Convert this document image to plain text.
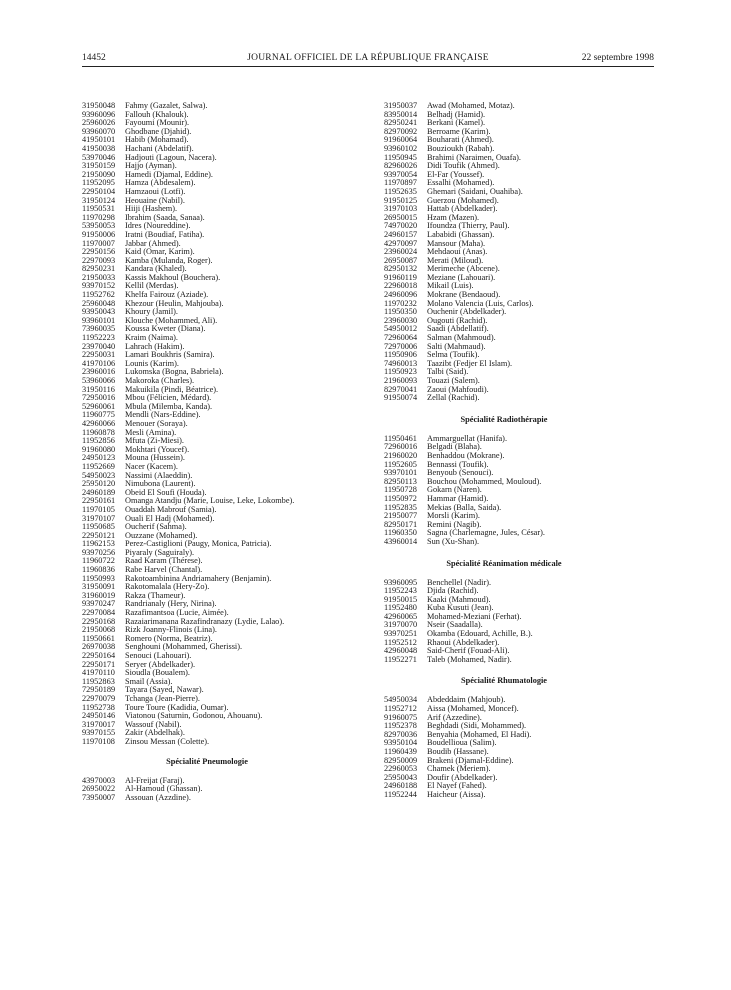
14452	JOURNAL OFFICIEL DE LA RÉPUBLIQUE FRANÇAISE	22 septembre 1998
31950048 Fahmy (Gazalet, Salwa).
93960096 Fallouh (Khalouk).
25960026 Fayoumi (Mounir).
93960070 Ghodbane (Djahid).
41950101 Habib (Mohamad).
41950038 Hachani (Abdelatif).
53970046 Hadjouti (Lagoun, Nacera).
31950159 Hajjo (Ayman).
21950090 Hamedi (Djamal, Eddine).
11952095 Hamza (Abdesalem).
22950104 Hamzaoui (Lotfi).
31950124 Heouaine (Nabil).
11950531 Hiiji (Hashem).
11970298 Ibrahim (Saada, Sanaa).
53950053 Idres (Noureddine).
91950006 Iratni (Boudiaf, Fatiha).
11970007 Jabbar (Ahmed).
22950156 Kaid (Omar, Karim).
22970093 Kamba (Mulanda, Roger).
82950231 Kandara (Khaled).
21950033 Kassis Makhoul (Bouchera).
93970152 Kellil (Merdas).
11952762 Khelfa Fairouz (Aziade).
25960048 Khezour (Heulin, Mahjouba).
93950043 Khoury (Jamil).
93960101 Klouche (Mohammed, Ali).
73960035 Koussa Kweter (Diana).
11952223 Kraim (Naima).
23970040 Lahrach (Hakim).
22950031 Lamari Boukhris (Samira).
41970106 Lounis (Karim).
23960016 Lukomska (Bogna, Babriela).
53960066 Makoroka (Charles).
31950116 Makuikila (Pindi, Béatrice).
72950016 Mbou (Félicien, Médard).
52960061 Mbula (Milemba, Kanda).
11960775 Mendli (Nars-Eddine).
42960066 Menouer (Soraya).
11960878 Mesli (Amina).
11952856 Mfuta (Zi-Miesi).
91960080 Mokhtari (Youcef).
24950123 Mouna (Hussein).
11952669 Nacer (Kacem).
54950023 Nassimi (Alaeddin).
25950120 Nimubona (Laurent).
24960189 Obeid El Soufi (Houda).
22950161 Omanga Atandju (Marie, Louise, Leke, Lokombe).
11970105 Ouaddah Mabrouf (Samia).
31970107 Ouali El Hadj (Mohamed).
11950685 Oucherif (Sahma).
22950121 Ouzzane (Mohamed).
11962153 Perez-Castiglioni (Paugy, Monica, Patricia).
93970256 Piyaraly (Saguiraly).
11960722 Raad Karam (Thérese).
11960836 Rabe Harvel (Chantal).
11950993 Rakotoambinina Andriamahery (Benjamin).
31950091 Rakotomalala (Hery-Zo).
31960019 Rakza (Thameur).
93970247 Randrianaly (Hery, Nirina).
22970084 Razafimantsoa (Lucie, Aimée).
22950168 Razaiarimanana Razafindranazy (Lydie, Lalao).
21950068 Rizk Joanny-Flinois (Lina).
11950661 Romero (Norma, Beatriz).
26970038 Senghouni (Mohammed, Gherissi).
22950164 Senouci (Lahouari).
22950171 Seryer (Abdelkader).
41970110 Sioudla (Boualem).
11952863 Smail (Assia).
72950189 Tayara (Sayed, Nawar).
22970079 Tchanga (Jean-Pierre).
11952738 Toure Toure (Kadidia, Oumar).
24950146 Viatonou (Saturnin, Godonou, Ahouanu).
31970017 Wassouf (Nabil).
93970155 Zakir (Abdelhak).
11970108 Zinsou Messan (Colette).
Spécialité Pneumologie
43970003 Al-Freijat (Faraj).
26950022 Al-Hamoud (Ghassan).
73950007 Assouan (Azzdine).
31950037 Awad (Mohamed, Motaz).
83950014 Belhadj (Hamid).
82950241 Berkani (Kamel).
82970092 Berroame (Karim).
91960064 Bouharati (Ahmed).
93960102 Bouzioukh (Rabah).
11950945 Brahimi (Naraimen, Ouafa).
82960026 Didi Toufik (Ahmed).
93970054 El-Far (Youssef).
11970897 Essalhi (Mohamed).
11952635 Ghemari (Saidani, Ouahiba).
91950125 Guerzou (Mohamed).
31970103 Hattab (Abdelkader).
26950015 Hzam (Mazen).
74970020 Ifoundza (Thierry, Paul).
24960157 Lababidi (Ghassan).
42970097 Mansour (Maha).
23960024 Mehdaoui (Anas).
26950087 Merati (Miloud).
82950132 Merimeche (Abcene).
91960119 Meziane (Lahouari).
22960018 Mikail (Luis).
24960096 Mokrane (Bendaoud).
11970232 Molano Valencia (Luis, Carlos).
11950350 Ouchenir (Abdelkader).
23960030 Ougouti (Rachid).
54950012 Saadi (Abdellatif).
72960064 Salman (Mahmoud).
72970006 Salti (Mahmaud).
11950906 Selma (Toufik).
74960013 Taazibt (Fedjer El Islam).
11950923 Talbi (Said).
21960093 Touazi (Salem).
82970041 Zaoui (Mahfoudi).
91950074 Zellal (Rachid).
Spécialité Radiothérapie
11950461 Ammarguellat (Hanifa).
72960016 Belgadi (Blaha).
21960020 Benhaddou (Mokrane).
11952605 Bennassi (Toufik).
93970101 Benyoub (Senouci).
82950113 Bouchou (Mohammed, Mouloud).
11950728 Gokarn (Naren).
11950972 Hammar (Hamid).
11952835 Mekias (Balla, Saida).
21950077 Morsli (Karim).
82950171 Remini (Nagib).
11960350 Sagna (Charlemagne, Jules, César).
43960014 Sun (Xu-Shan).
Spécialité Réanimation médicale
93960095 Benchellel (Nadir).
11952243 Djida (Rachid).
91950015 Kaaki (Mahmoud).
11952480 Kuba Kusuti (Jean).
42960065 Mohamed-Meziani (Ferhat).
31970070 Nseir (Saadalla).
93970251 Okamba (Edouard, Achille, B.).
11952512 Rhaoui (Abdelkader).
42960048 Said-Cherif (Fouad-Ali).
11952271 Taleb (Mohamed, Nadir).
Spécialité Rhumatologie
54950034 Abdeddaim (Mahjoub).
11952712 Aissa (Mohamed, Moncef).
91960075 Arif (Azzedine).
11952378 Beghdadi (Sidi, Mohammed).
82970036 Benyahia (Mohamed, El Hadi).
93950104 Boudellioua (Salim).
11960439 Boudib (Hassane).
82950009 Brakeni (Djamal-Eddine).
22960053 Chamek (Meriem).
25950043 Doufir (Abdelkader).
24960188 El Nayef (Fahed).
11952244 Haicheur (Aissa).
